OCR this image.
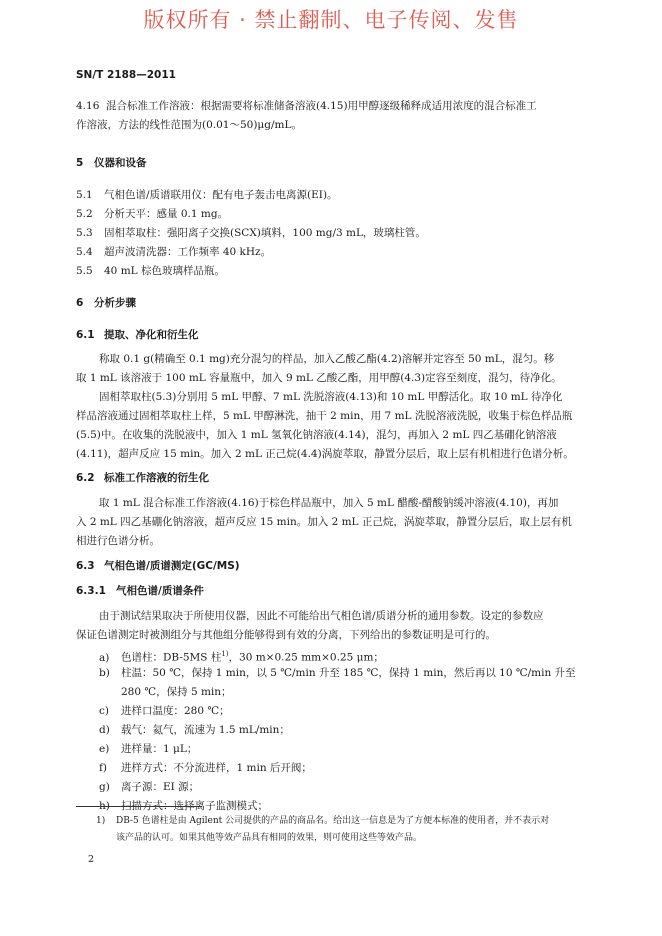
版权所有 · 禁止翻制、电子传阅、发售
SN/T 2188—2011
4.16 混合标准工作溶液：根据需要将标准储备溶液(4.15)用甲醇逐级稀释成适用浓度的混合标准工
作溶液，方法的线性范围为(0.01～50)μg/mL。
5 仪器和设备
5.1 气相色谱/质谱联用仪：配有电子轰击电离源(EI)。
5.2 分析天平：感量 0.1 mg。
5.3 固相萃取柱：强阳离子交换(SCX)填料，100 mg/3 mL，玻璃柱管。
5.4 超声波清洗器：工作频率 40 kHz。
5.5 40 mL 棕色玻璃样品瓶。
6 分析步骤
6.1 提取、净化和衍生化
称取 0.1 g(精确至 0.1 mg)充分混匀的样品，加入乙酸乙酯(4.2)溶解并定容至 50 mL，混匀。移
取 1 mL 该溶液于 100 mL 容量瓶中，加入 9 mL 乙酸乙酯，用甲醇(4.3)定容至刻度，混匀，待净化。
固相萃取柱(5.3)分别用 5 mL 甲醇、7 mL 洗脱溶液(4.13)和 10 mL 甲醇活化。取 10 mL 待净化
样品溶液通过固相萃取柱上样，5 mL 甲醇淋洗，抽干 2 min，用 7 mL 洗脱溶液洗脱，收集于棕色样品瓶
(5.5)中。在收集的洗脱液中，加入 1 mL 氢氧化钠溶液(4.14)，混匀，再加入 2 mL 四乙基硼化钠溶液
(4.11)，超声反应 15 min。加入 2 mL 正己烷(4.4)涡旋萃取，静置分层后，取上层有机相进行色谱分析。
6.2 标准工作溶液的衍生化
取 1 mL 混合标准工作溶液(4.16)于棕色样品瓶中，加入 5 mL 醋酸-醋酸钠缓冲溶液(4.10)，再加
入 2 mL 四乙基硼化钠溶液，超声反应 15 min。加入 2 mL 正己烷，涡旋萃取，静置分层后，取上层有机
相进行色谱分析。
6.3 气相色谱/质谱测定(GC/MS)
6.3.1 气相色谱/质谱条件
由于测试结果取决于所使用仪器，因此不可能给出气相色谱/质谱分析的通用参数。设定的参数应
保证色谱测定时被测组分与其他组分能够得到有效的分离，下列给出的参数证明是可行的。
a) 色谱柱：DB-5MS 柱$^{1)}$，30 m×0.25 mm×0.25 μm；
b) 柱温：50 ℃，保持 1 min，以 5 ℃/min 升至 185 ℃，保持 1 min，然后再以 10 ℃/min 升至
280 ℃，保持 5 min；
c) 进样口温度：280 ℃；
d) 载气：氦气，流速为 1.5 mL/min；
e) 进样量：1 μL；
f) 进样方式：不分流进样，1 min 后开阀；
g) 离子源：EI 源；
h) 扫描方式：选择离子监测模式；
1) DB-5 色谱柱是由 Agilent 公司提供的产品的商品名。给出这一信息是为了方便本标准的使用者，并不表示对
该产品的认可。如果其他等效产品具有相同的效果，则可使用这些等效产品。
2
